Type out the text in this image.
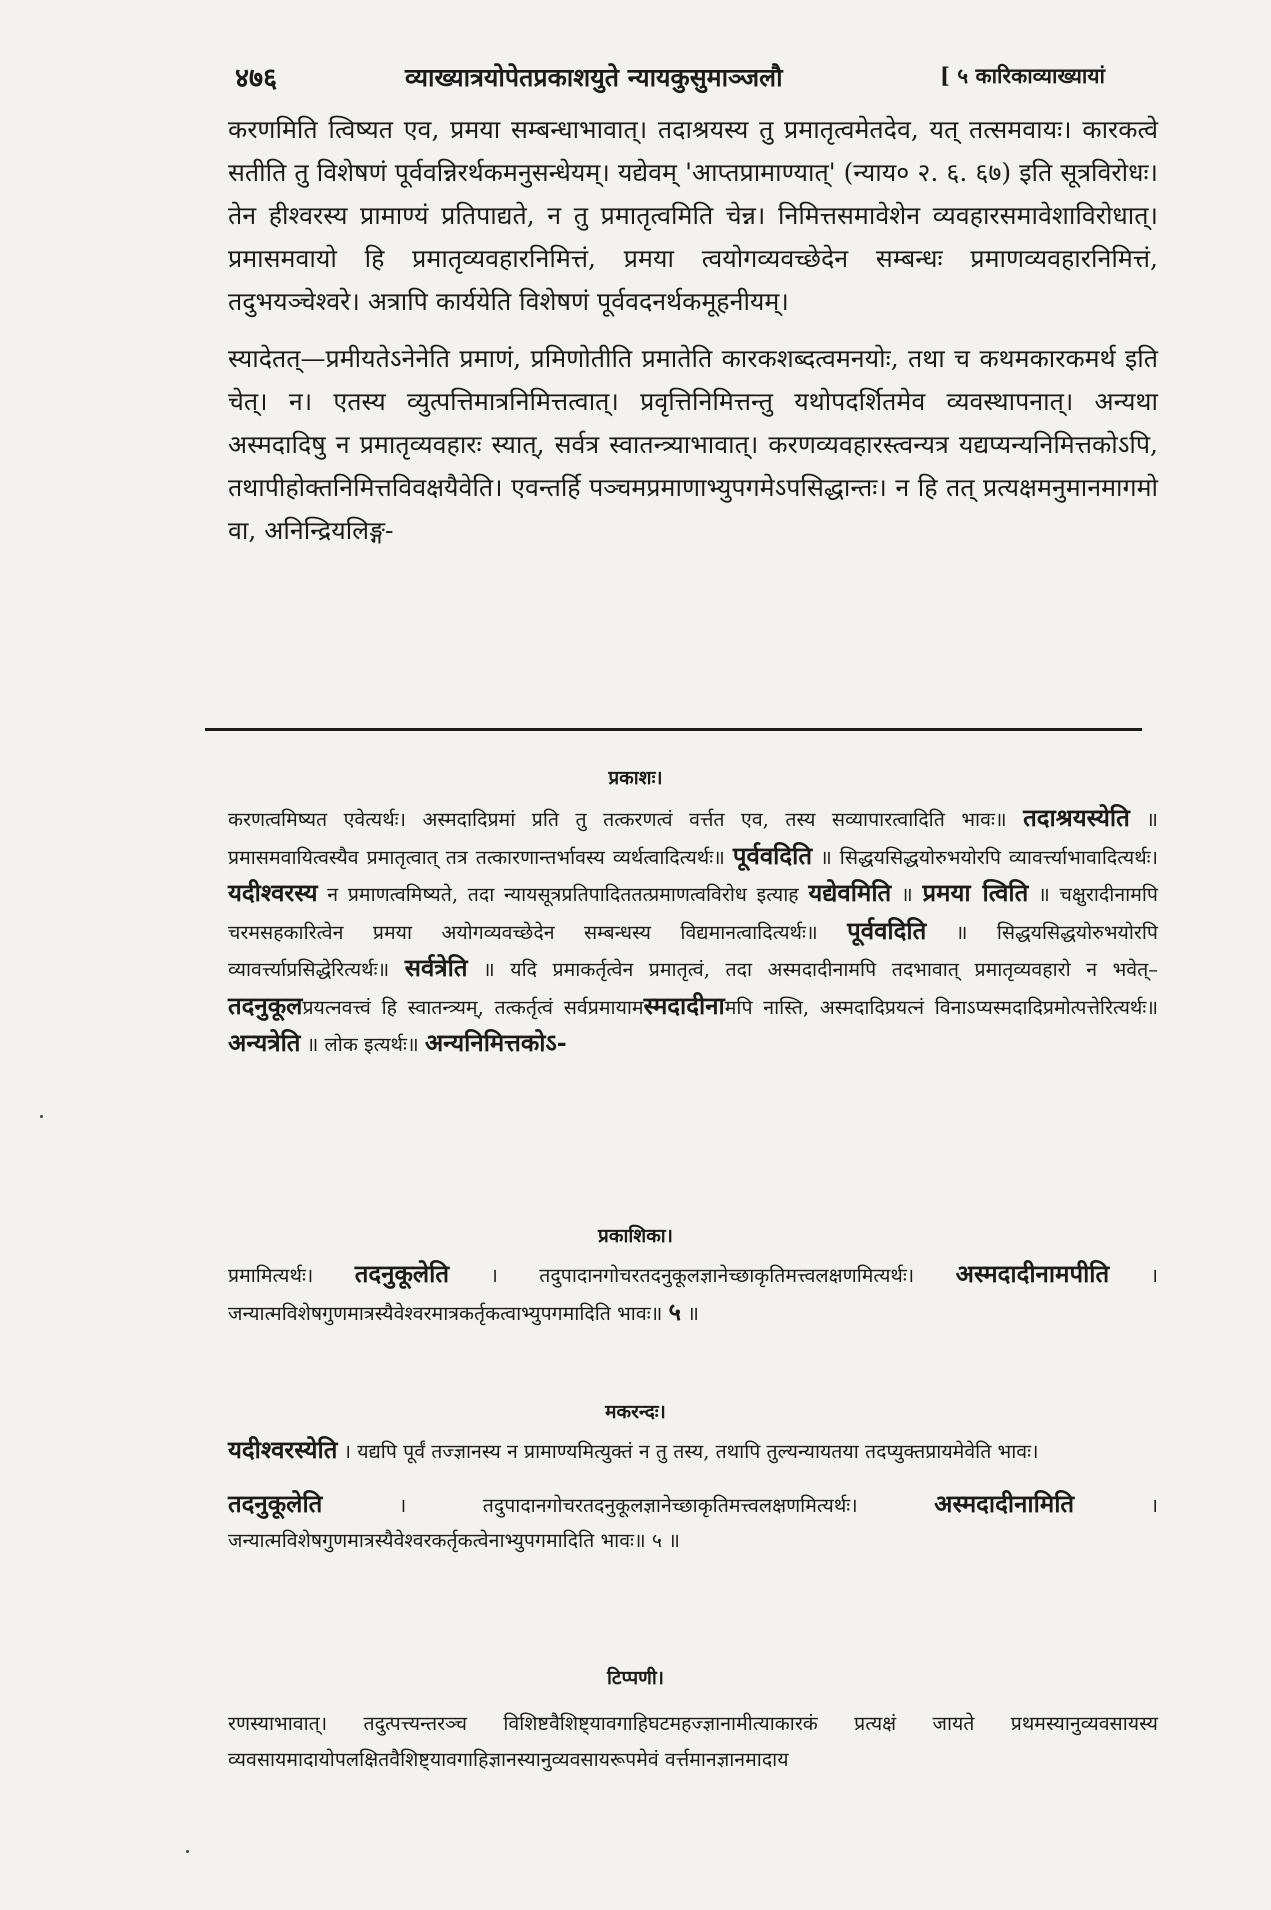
४७६	व्याख्यात्रयोपेतप्रकाशयुते न्यायकुसुमाञ्जलौ	[ ५ कारिकाव्याख्यायां

करणमिति त्विष्यत एव, प्रमया सम्बन्धाभावात्। तदाश्रयस्य तु प्रमातृत्वमेतदेव, यत् तत्समवायः। कारकत्वे सतीति तु विशेषणं पूर्ववन्निरर्थकमनुसन्धेयम्। यद्येवम् 'आप्तप्रामाण्यात्' (न्याय० २. ६. ६७) इति सूत्रविरोधः। तेन हीश्वरस्य प्रामाण्यं प्रतिपाद्यते, न तु प्रमातृत्वमिति चेन्न। निमित्तसमावेशेन व्यवहारसमावेशाविरोधात्। प्रमासमवायो हि प्रमातृव्यवहारनिमित्तं, प्रमया त्वयोगव्यवच्छेदेन सम्बन्धः प्रमाणव्यवहारनिमित्तं, तदुभयञ्चेश्वरे। अत्रापि कार्ययेति विशेषणं पूर्ववदनर्थकमूहनीयम्।

स्यादेतत्—प्रमीयतेऽनेनेति प्रमाणं, प्रमिणोतीति प्रमातेति कारकशब्दत्वमनयोः, तथा च कथमकारकमर्थ इति चेत्। न। एतस्य व्युत्पत्तिमात्रनिमित्तत्वात्। प्रवृत्तिनिमित्तन्तु यथोपदर्शितमेव व्यवस्थापनात्। अन्यथा अस्मदादिषु न प्रमातृव्यवहारः स्यात्, सर्वत्र स्वातन्त्र्याभावात्। करणव्यवहारस्त्वन्यत्र यद्यप्यन्यनिमित्तकोऽपि, तथापीहोक्तनिमित्तविवक्षयैवेति। एवन्तर्हि पञ्चमप्रमाणाभ्युपगमेऽपसिद्धान्तः। न हि तत् प्रत्यक्षमनुमानमागमो वा, अनिन्द्रियलिङ्ग-

प्रकाशः।

करणत्वमिष्यत एवेत्यर्थः। अस्मदादिप्रमां प्रति तु तत्करणत्वं वर्त्तत एव, तस्य सव्यापारत्वादिति भावः॥ तदाश्रयस्येति ॥ प्रमासमवायित्वस्यैव प्रमातृत्वात् तत्र तत्कारणान्तर्भावस्य व्यर्थत्वादित्यर्थः॥ पूर्ववदिति ॥ सिद्धयसिद्धयोरुभयोरपि व्यावर्त्त्याभावादित्यर्थः।यदीश्वरस्य न प्रमाणत्वमिष्यते, तदा न्यायसूत्रप्रतिपादिततत्प्रमाणत्वविरोध इत्याह यद्येवमिति ॥ प्रमया त्विति ॥ चक्षुरादीनामपि चरमसहकारित्वेन प्रमया अयोगव्यवच्छेदेन सम्बन्धस्य विद्यमानत्वादित्यर्थः॥ पूर्ववदिति ॥ सिद्धयसिद्धयोरुभयोरपि व्यावर्त्त्याप्रसिद्धेरित्यर्थः॥ सर्वत्रेति ॥ यदि प्रमाकर्तृत्वेन प्रमातृत्वं, तदा अस्मदादीनामपि तदभावात् प्रमातृव्यवहारो न भवेत्–तदनुकूलप्रयत्नवत्त्वं हि स्वातन्त्र्यम्, तत्कर्तृत्वं सर्वप्रमायामस्मदादीनामपि नास्ति, अस्मदादिप्रयत्नं विनाऽप्यस्मदादिप्रमोत्पत्तेरित्यर्थः॥ अन्यत्रेति ॥ लोक इत्यर्थः॥ अन्यनिमित्तकोऽ-

प्रकाशिका।

प्रमामित्यर्थः। तदनुकूलेति । तदुपादानगोचरतदनुकूलज्ञानेच्छाकृतिमत्त्वलक्षणमित्यर्थः। अस्मदादीनामपीति । जन्यात्मविशेषगुणमात्रस्यैवेश्वरमात्रकर्तृकत्वाभ्युपगमादिति भावः॥ ५ ॥

मकरन्दः।

यदीश्वरस्येति । यद्यपि पूर्वं तज्ज्ञानस्य न प्रामाण्यमित्युक्तं न तु तस्य, तथापि तुल्यन्यायतया तदप्युक्तप्रायमेवेति भावः।

तदनुकूलेति । तदुपादानगोचरतदनुकूलज्ञानेच्छाकृतिमत्त्वलक्षणमित्यर्थः। अस्मदादीनामिति । जन्यात्मविशेषगुणमात्रस्यैवेश्वरकर्तृकत्वेनाभ्युपगमादिति भावः॥ ५ ॥

टिप्पणी।

रणस्याभावात्। तदुत्पत्त्यन्तरञ्च विशिष्टवैशिष्ट्यावगाहिघटमहज्ज्ञानामीत्याकारकं प्रत्यक्षं जायते प्रथमस्यानुव्यवसायस्य व्यवसायमादायोपलक्षितवैशिष्ट्यावगाहिज्ञानस्यानुव्यवसायरूपमेवं वर्त्तमानज्ञानमादाय
